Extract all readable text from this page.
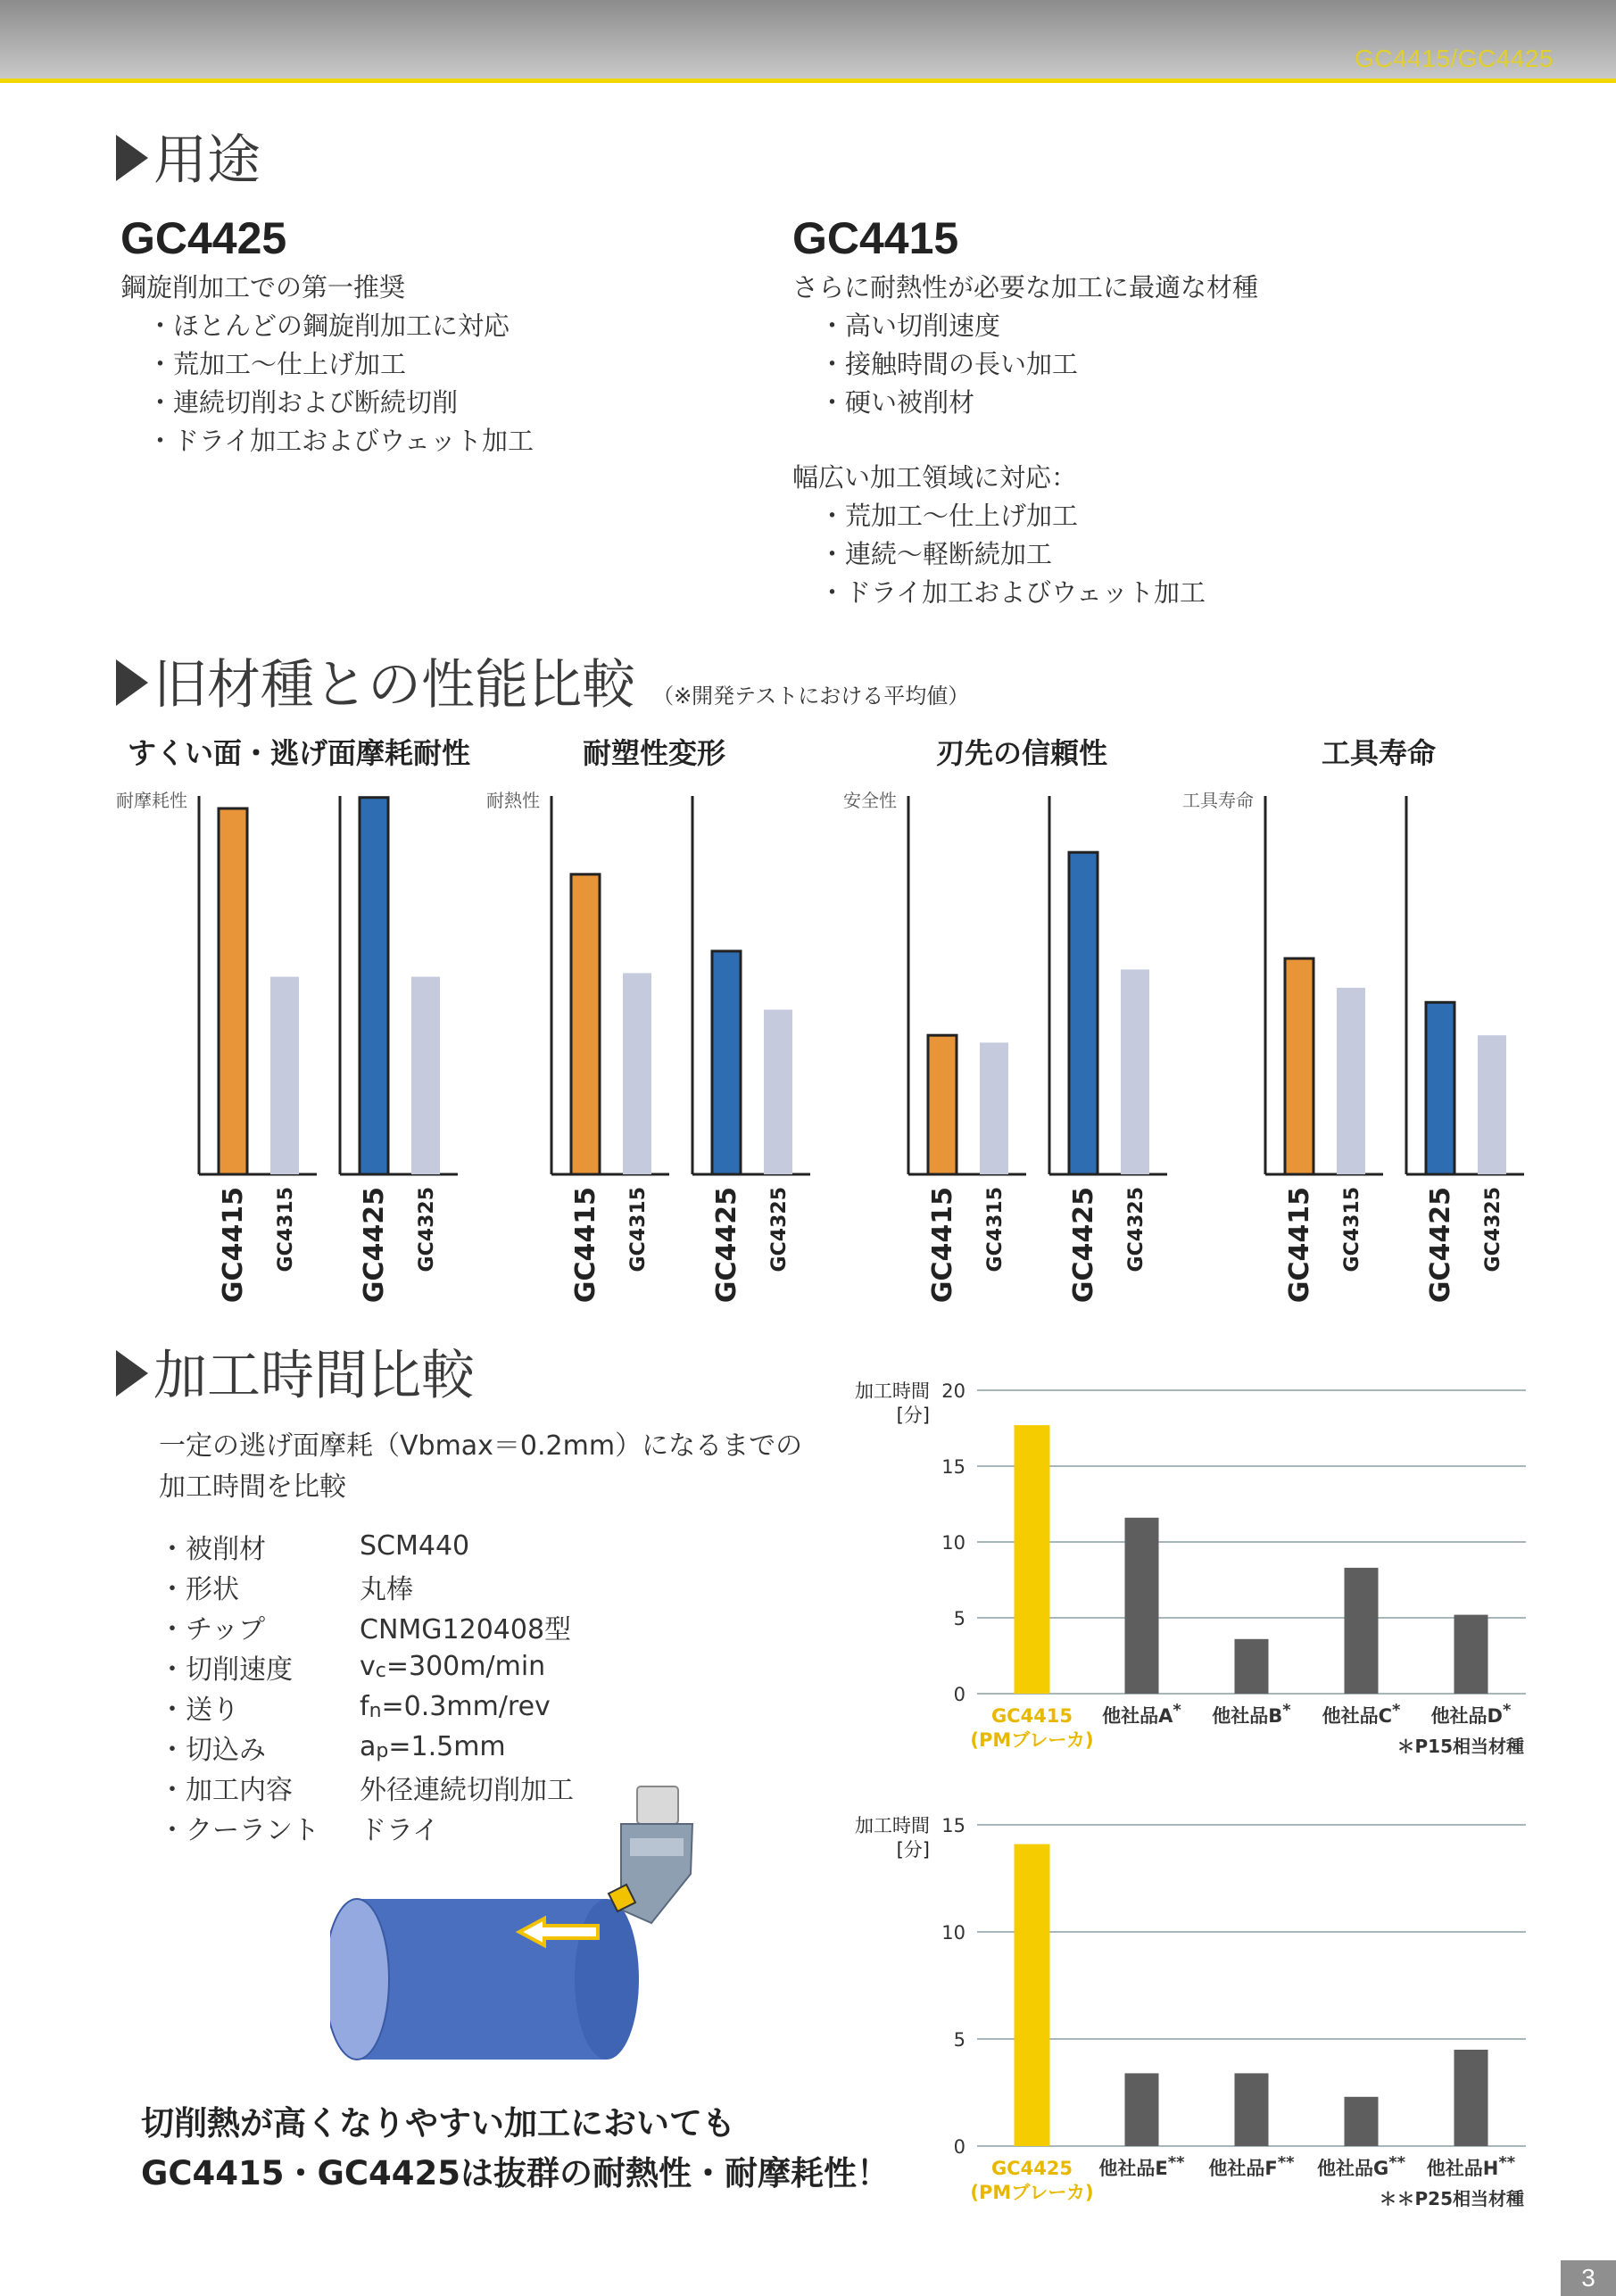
GC4415/GC4425
用途
GC4425
鋼旋削加工での第一推奨
・ ほとんどの鋼旋削加工に対応
・ 荒加工～仕上げ加工
・ 連続切削および断続切削
・ ドライ加工およびウェット加工
GC4415
さらに耐熱性が必要な加工に最適な材種
・ 高い切削速度
・ 接触時間の長い加工
・ 硬い被削材
幅広い加工領域に対応：
・ 荒加工～仕上げ加工
・ 連続～軽断続加工
・ ドライ加工およびウェット加工
旧材種との性能比較 （※開発テストにおける平均値）
すくい面・逃げ面摩耗耐性
耐摩耗性
GC4415 GC4315 GC4425 GC4325
耐塑性変形
耐熱性
GC4415 GC4315 GC4425 GC4325
刃先の信頼性
安全性
GC4415 GC4315 GC4425 GC4325
工具寿命
工具寿命
GC4415 GC4315 GC4425 GC4325
加工時間比較
一定の逃げ面摩耗（Vbmax＝0.2mm）になるまでの
加工時間を比較
・ 被削材	SCM440
・ 形状	丸棒
・ チップ	CNMG120408型
・ 切削速度	vc=300m/min
・ 送り	fn=0.3mm/rev
・ 切込み	ap=1.5mm
・ 加工内容	外径連続切削加工
・ クーラント	ドライ
切削熱が高くなりやすい加工においても
GC4415・GC4425は抜群の耐熱性・耐摩耗性！
0
5
10
15
20
加工時間
[分]
GC4415
(PMブレーカ)
他社品A* 他社品B* 他社品C* 他社品D*
＊P15相当材種
0
5
10
15
加工時間
[分]
GC4425
(PMブレーカ)
他社品E** 他社品F** 他社品G** 他社品H**
＊＊P25相当材種
3
